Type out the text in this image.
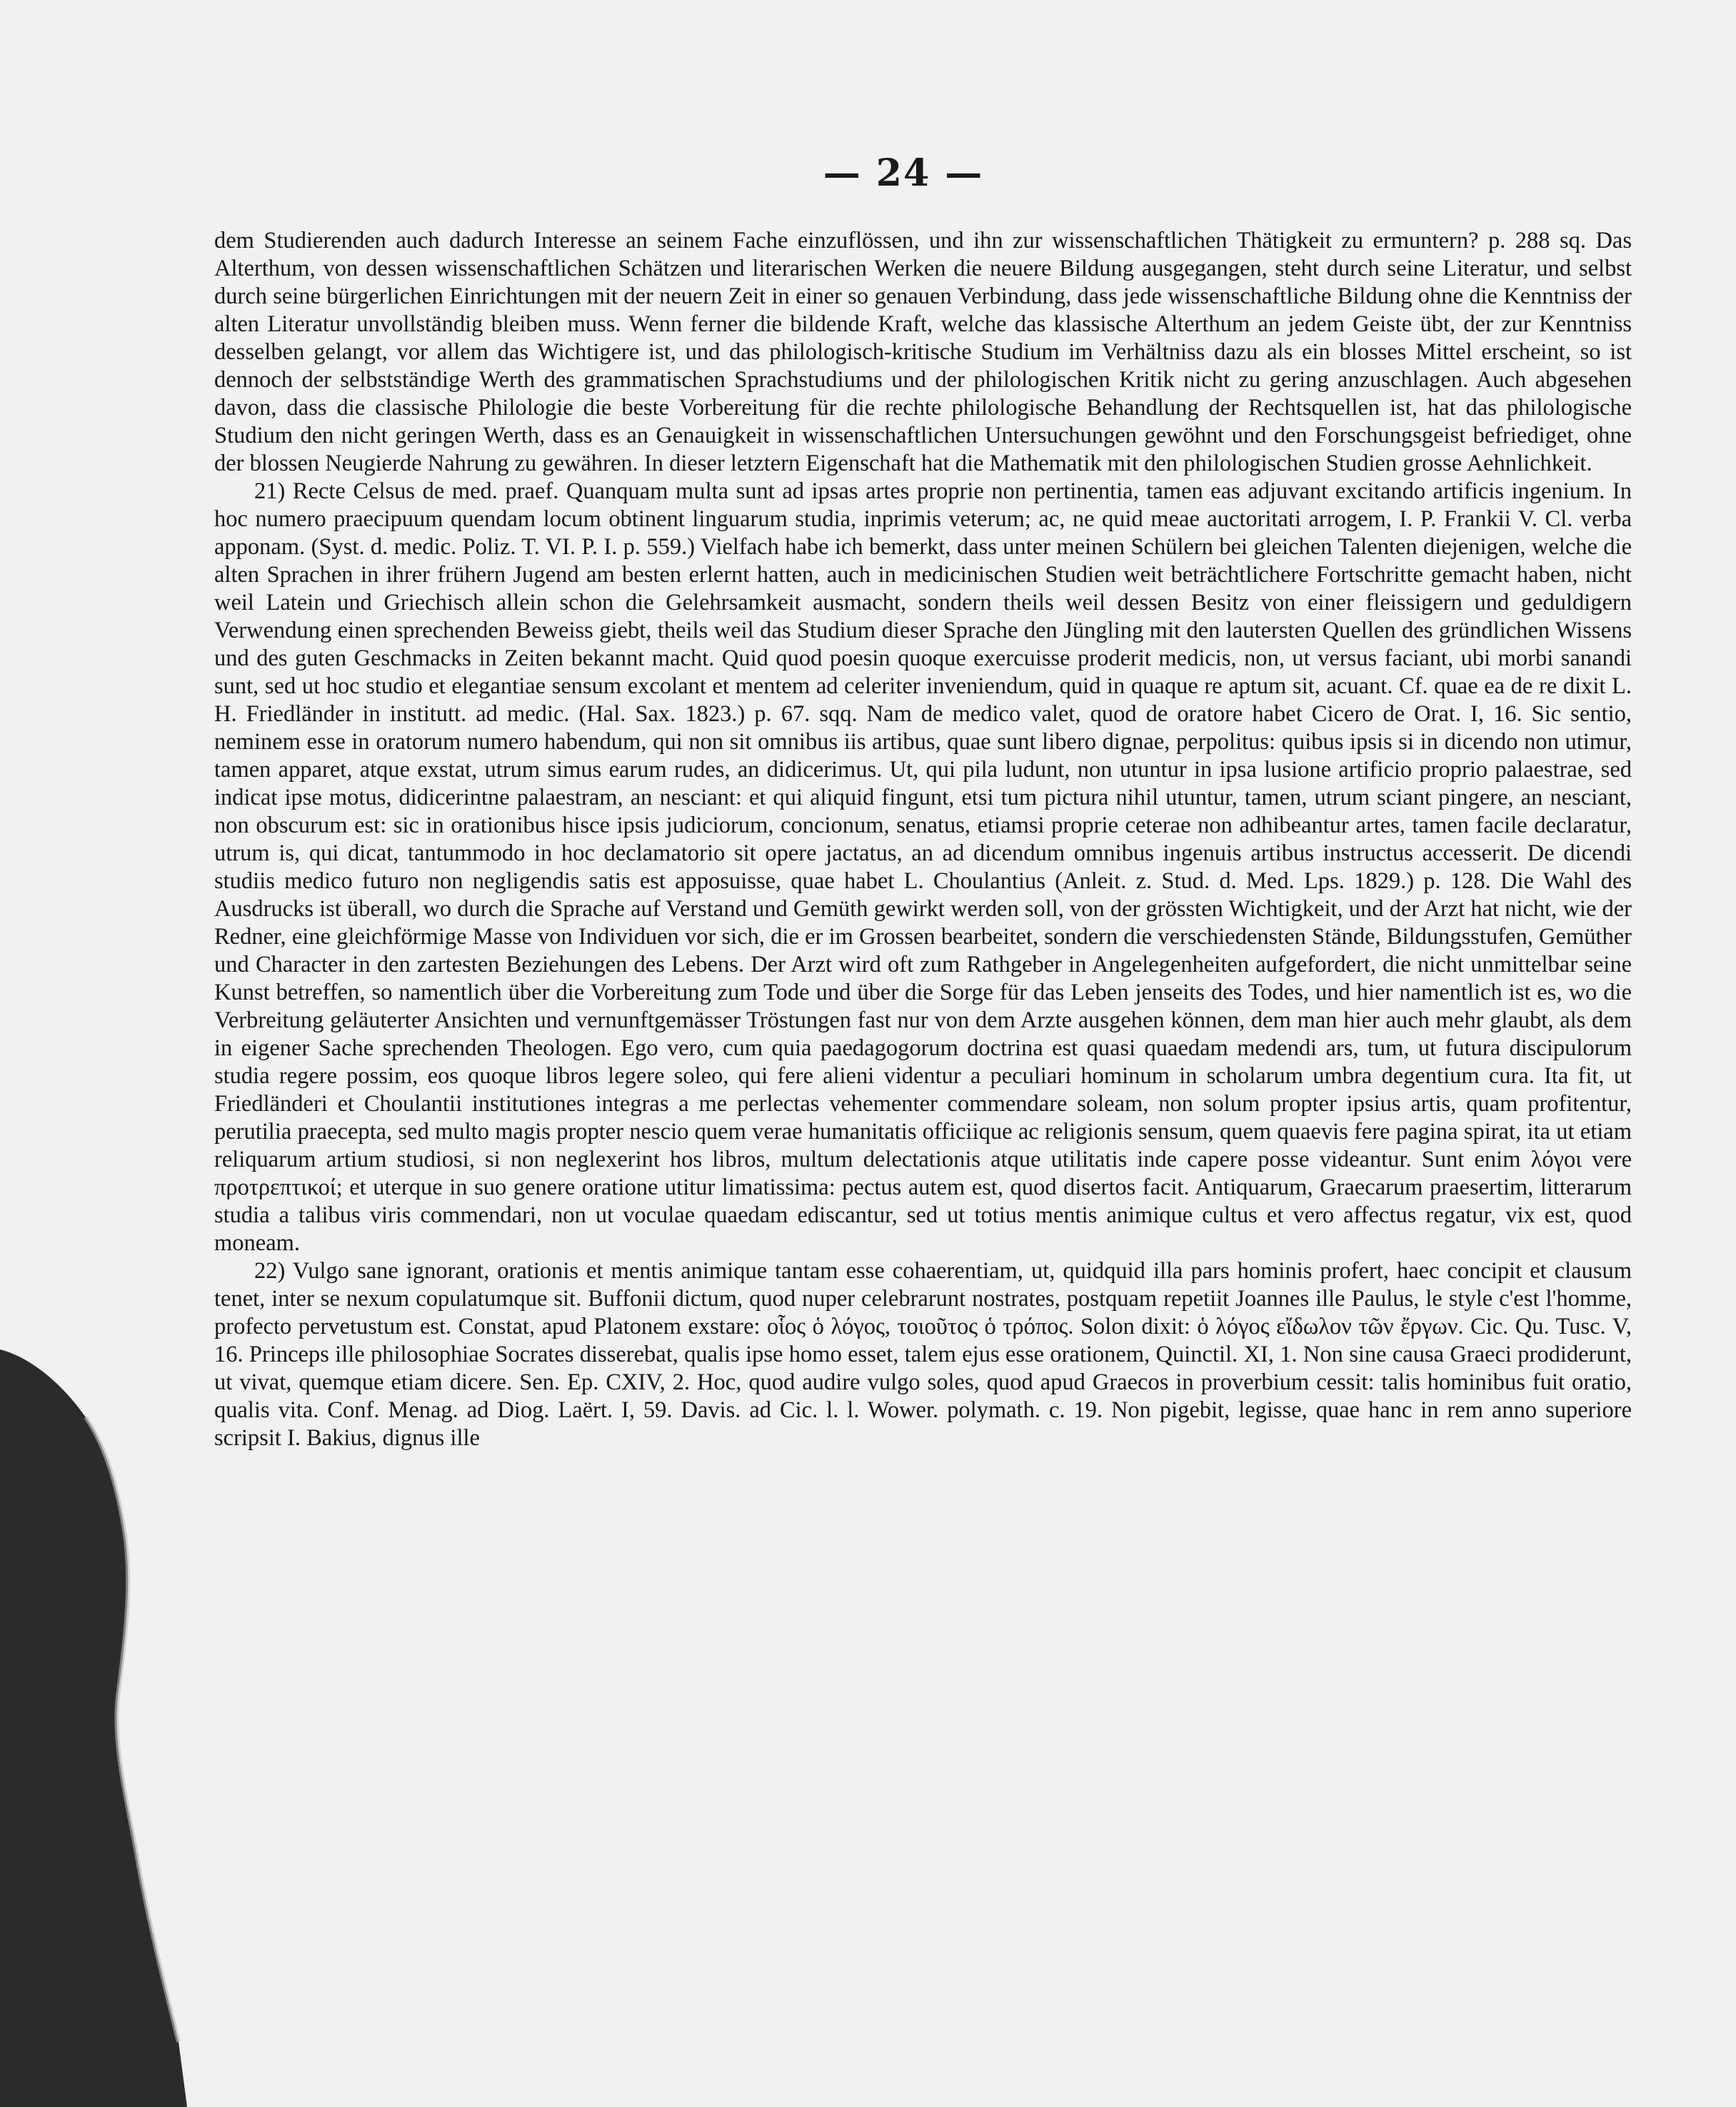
— 24 —

dem Studierenden auch dadurch Interesse an seinem Fache einzuflössen, und ihn zur wissenschaftlichen Thätigkeit zu ermuntern? p. 288 sq. Das Alterthum, von dessen wissenschaftlichen Schätzen und literarischen Werken die neuere Bildung ausgegangen, steht durch seine Literatur, und selbst durch seine bürgerlichen Einrichtungen mit der neuern Zeit in einer so genauen Verbindung, dass jede wissenschaftliche Bildung ohne die Kenntniss der alten Literatur unvollständig bleiben muss. Wenn ferner die bildende Kraft, welche das klassische Alterthum an jedem Geiste übt, der zur Kenntniss desselben gelangt, vor allem das Wichtigere ist, und das philologisch-kritische Studium im Verhältniss dazu als ein blosses Mittel erscheint, so ist dennoch der selbstständige Werth des grammatischen Sprachstudiums und der philologischen Kritik nicht zu gering anzuschlagen. Auch abgesehen davon, dass die classische Philologie die beste Vorbereitung für die rechte philologische Behandlung der Rechtsquellen ist, hat das philologische Studium den nicht geringen Werth, dass es an Genauigkeit in wissenschaftlichen Untersuchungen gewöhnt und den Forschungsgeist befriediget, ohne der blossen Neugierde Nahrung zu gewähren. In dieser letztern Eigenschaft hat die Mathematik mit den philologischen Studien grosse Aehnlichkeit.

21) Recte Celsus de med. praef. Quanquam multa sunt ad ipsas artes proprie non pertinentia, tamen eas adjuvant excitando artificis ingenium. In hoc numero praecipuum quendam locum obtinent linguarum studia, inprimis veterum; ac, ne quid meae auctoritati arrogem, I. P. Frankii V. Cl. verba apponam. (Syst. d. medic. Poliz. T. VI. P. I. p. 559.) Vielfach habe ich bemerkt, dass unter meinen Schülern bei gleichen Talenten diejenigen, welche die alten Sprachen in ihrer frühern Jugend am besten erlernt hatten, auch in medicinischen Studien weit beträchtlichere Fortschritte gemacht haben, nicht weil Latein und Griechisch allein schon die Gelehrsamkeit ausmacht, sondern theils weil dessen Besitz von einer fleissigern und geduldigern Verwendung einen sprechenden Beweiss giebt, theils weil das Studium dieser Sprache den Jüngling mit den lautersten Quellen des gründlichen Wissens und des guten Geschmacks in Zeiten bekannt macht. Quid quod poesin quoque exercuisse proderit medicis, non, ut versus faciant, ubi morbi sanandi sunt, sed ut hoc studio et elegantiae sensum excolant et mentem ad celeriter inveniendum, quid in quaque re aptum sit, acuant. Cf. quae ea de re dixit L. H. Friedländer in institutt. ad medic. (Hal. Sax. 1823.) p. 67. sqq. Nam de medico valet, quod de oratore habet Cicero de Orat. I, 16. Sic sentio, neminem esse in oratorum numero habendum, qui non sit omnibus iis artibus, quae sunt libero dignae, perpolitus: quibus ipsis si in dicendo non utimur, tamen apparet, atque exstat, utrum simus earum rudes, an didicerimus. Ut, qui pila ludunt, non utuntur in ipsa lusione artificio proprio palaestrae, sed indicat ipse motus, didicerintne palaestram, an nesciant: et qui aliquid fingunt, etsi tum pictura nihil utuntur, tamen, utrum sciant pingere, an nesciant, non obscurum est: sic in orationibus hisce ipsis judiciorum, concionum, senatus, etiamsi proprie ceterae non adhibeantur artes, tamen facile declaratur, utrum is, qui dicat, tantummodo in hoc declamatorio sit opere jactatus, an ad dicendum omnibus ingenuis artibus instructus accesserit. De dicendi studiis medico futuro non negligendis satis est apposuisse, quae habet L. Choulantius (Anleit. z. Stud. d. Med. Lps. 1829.) p. 128. Die Wahl des Ausdrucks ist überall, wo durch die Sprache auf Verstand und Gemüth gewirkt werden soll, von der grössten Wichtigkeit, und der Arzt hat nicht, wie der Redner, eine gleichförmige Masse von Individuen vor sich, die er im Grossen bearbeitet, sondern die verschiedensten Stände, Bildungsstufen, Gemüther und Character in den zartesten Beziehungen des Lebens. Der Arzt wird oft zum Rathgeber in Angelegenheiten aufgefordert, die nicht unmittelbar seine Kunst betreffen, so namentlich über die Vorbereitung zum Tode und über die Sorge für das Leben jenseits des Todes, und hier namentlich ist es, wo die Verbreitung geläuterter Ansichten und vernunftgemässer Tröstungen fast nur von dem Arzte ausgehen können, dem man hier auch mehr glaubt, als dem in eigener Sache sprechenden Theologen. Ego vero, cum quia paedagogorum doctrina est quasi quaedam medendi ars, tum, ut futura discipulorum studia regere possim, eos quoque libros legere soleo, qui fere alieni videntur a peculiari hominum in scholarum umbra degentium cura. Ita fit, ut Friedländeri et Choulantii institutiones integras a me perlectas vehementer commendare soleam, non solum propter ipsius artis, quam profitentur, perutilia praecepta, sed multo magis propter nescio quem verae humanitatis officiique ac religionis sensum, quem quaevis fere pagina spirat, ita ut etiam reliquarum artium studiosi, si non neglexerint hos libros, multum delectationis atque utilitatis inde capere posse videantur. Sunt enim λόγοι vere προτρεπτικοί; et uterque in suo genere oratione utitur limatissima: pectus autem est, quod disertos facit. Antiquarum, Graecarum praesertim, litterarum studia a talibus viris commendari, non ut voculae quaedam ediscantur, sed ut totius mentis animique cultus et vero affectus regatur, vix est, quod moneam.

22) Vulgo sane ignorant, orationis et mentis animique tantam esse cohaerentiam, ut, quidquid illa pars hominis profert, haec concipit et clausum tenet, inter se nexum copulatumque sit. Buffonii dictum, quod nuper celebrarunt nostrates, postquam repetiit Joannes ille Paulus, le style c'est l'homme, profecto pervetustum est. Constat, apud Platonem exstare: οἷος ὁ λόγος, τοιοῦτος ὁ τρόπος. Solon dixit: ὁ λόγος εἴδωλον τῶν ἔργων. Cic. Qu. Tusc. V, 16. Princeps ille philosophiae Socrates disserebat, qualis ipse homo esset, talem ejus esse orationem, Quinctil. XI, 1. Non sine causa Graeci prodiderunt, ut vivat, quemque etiam dicere. Sen. Ep. CXIV, 2. Hoc, quod audire vulgo soles, quod apud Graecos in proverbium cessit: talis hominibus fuit oratio, qualis vita. Conf. Menag. ad Diog. Laërt. I, 59. Davis. ad Cic. l. l. Wower. polymath. c. 19. Non pigebit, legisse, quae hanc in rem anno superiore scripsit I. Bakius, dignus ille
